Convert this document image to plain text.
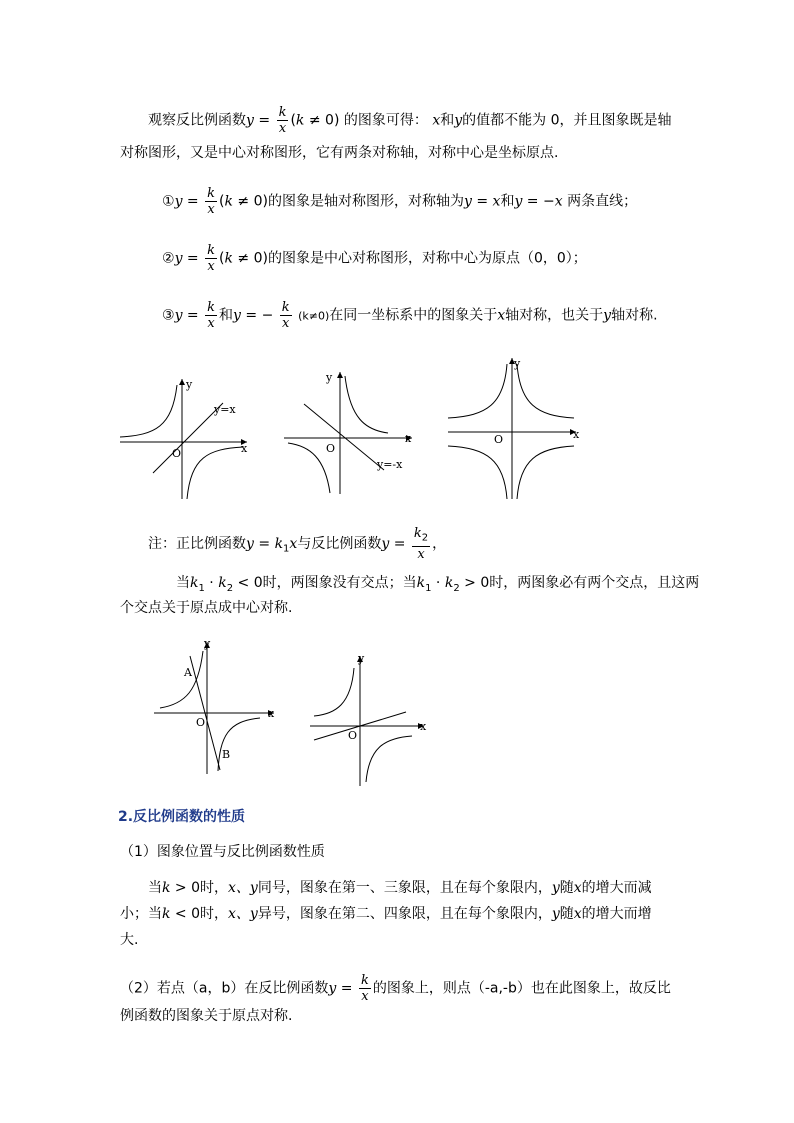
观察反比例函数$y = \frac{k}{x} (k \ne 0)$ 的图象可得： x和y的值都不能为 0，并且图象既是轴
对称图形，又是中心对称图形，它有两条对称轴，对称中心是坐标原点.
①y = $\frac{k}{x} (k \ne 0)$的图象是轴对称图形，对称轴为y = x和y = −x 两条直线；
②y = $\frac{k}{x} (k \ne 0)$的图象是中心对称图形，对称中心为原点（0，0）；
③y = $\frac{k}{x}$ 和y = − $\frac{k}{x} (k\ne 0)$在同一坐标系中的图象关于x轴对称，也关于y轴对称.
y
x
O
y=x
y
x
O
y=-x
y
x
O
注：正比例函数$y = k_1x$与反比例函数$y = \frac{k_2}{x}$ ，
当$k_1 \cdot k_2 < 0$时，两图象没有交点；当$k_1 \cdot k_2 > 0$时，两图象必有两个交点，且这两
个交点关于原点成中心对称.
y
x
O
A
B
y
x
O
2.反比例函数的性质
（1）图象位置与反比例函数性质
当k > 0时，x、y同号，图象在第一、三象限，且在每个象限内，y随x的增大而减
小；当k < 0时，x、y异号，图象在第二、四象限，且在每个象限内，y随x的增大而增
大.
（2）若点（a，b）在反比例函数$y = \frac{k}{x}$ 的图象上，则点（-a,-b）也在此图象上，故反比
例函数的图象关于原点对称.
